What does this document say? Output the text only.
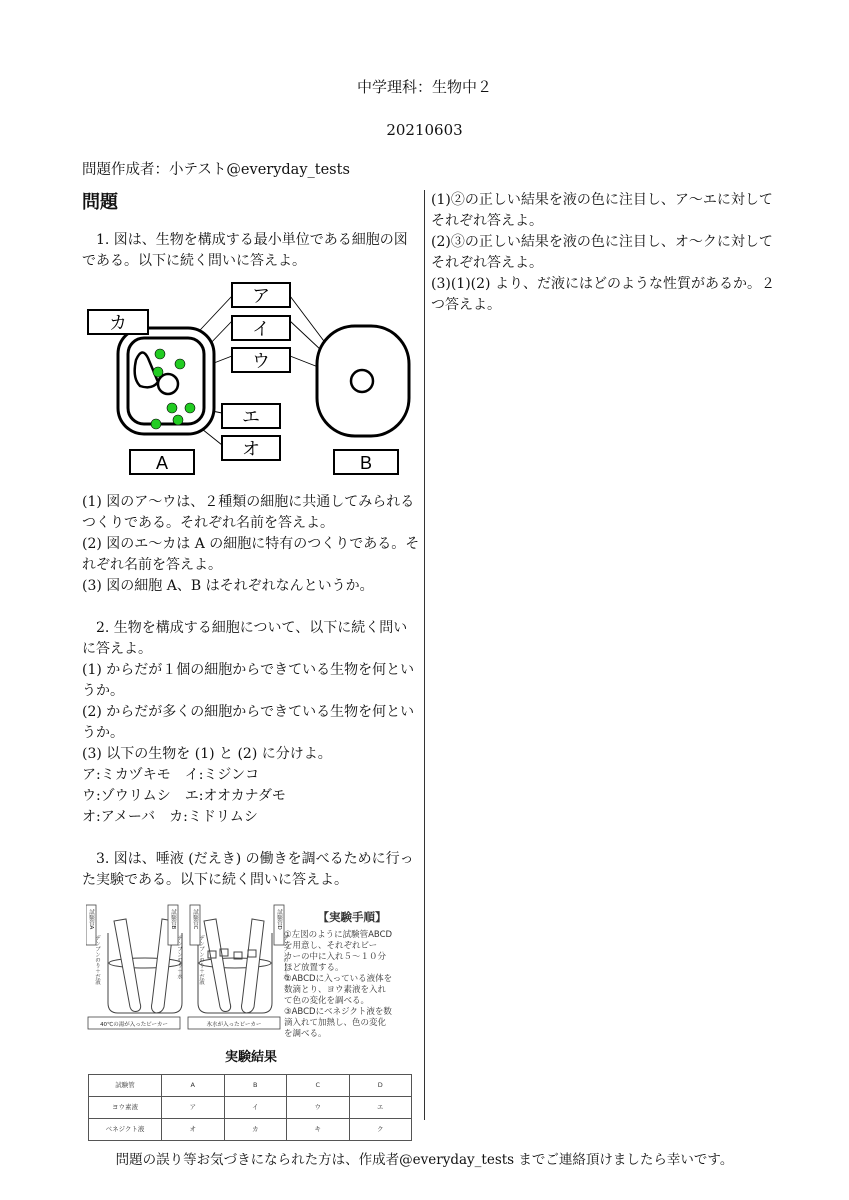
中学理科：生物中２
20210603
問題作成者：小テスト@everyday_tests
問題

1. 図は、生物を構成する最小単位である細胞の図である。以下に続く問いに答えよ。

カ
ア
イ
ウ
エ
オ
A	B

(1) 図のア～ウは、２種類の細胞に共通してみられるつくりである。それぞれ名前を答えよ。

(2) 図のエ～カは A の細胞に特有のつくりである。それぞれ名前を答えよ。

(3) 図の細胞 A、B はそれぞれなんというか。

2. 生物を構成する細胞について、以下に続く問いに答えよ。

(1) からだが１個の細胞からできている生物を何というか。

(2) からだが多くの細胞からできている生物を何というか。

(3) 以下の生物を (1) と (2) に分けよ。

ア:ミカヅキモ　イ:ミジンコ

ウ:ゾウリムシ　エ:オオカナダモ

オ:アメーバ　カ:ミドリムシ

3. 図は、唾液 (だえき) の働きを調べるために行った実験である。以下に続く問いに答えよ。

試験管A
デンプンのり＋だ液
試験管B
デンプンのり＋水
試験管C
デンプンのり＋だ液
試験管D
デンプンのり＋水
40℃の湯が入ったビーカー	氷水が入ったビーカー
【実験手順】
①左図のように試験管ABCD
を用意し、それぞれビー
カーの中に入れ５～１０分
ほど放置する。
②ABCDに入っている液体を
数滴とり、ヨウ素液を入れ
て色の変化を調べる。
③ABCDにベネジクト液を数
滴入れて加熱し、色の変化
を調べる。
実験結果
試験管	A	B	C	D
ヨウ素液	ア	イ	ウ	エ
ベネジクト液	オ	カ	キ	ク

(1)②の正しい結果を液の色に注目し、ア～エに対してそれぞれ答えよ。

(2)③の正しい結果を液の色に注目し、オ～クに対してそれぞれ答えよ。

(3)(1)(2) より、だ液にはどのような性質があるか。２つ答えよ。

問題の誤り等お気づきになられた方は、作成者@everyday_tests までご連絡頂けましたら幸いです。
